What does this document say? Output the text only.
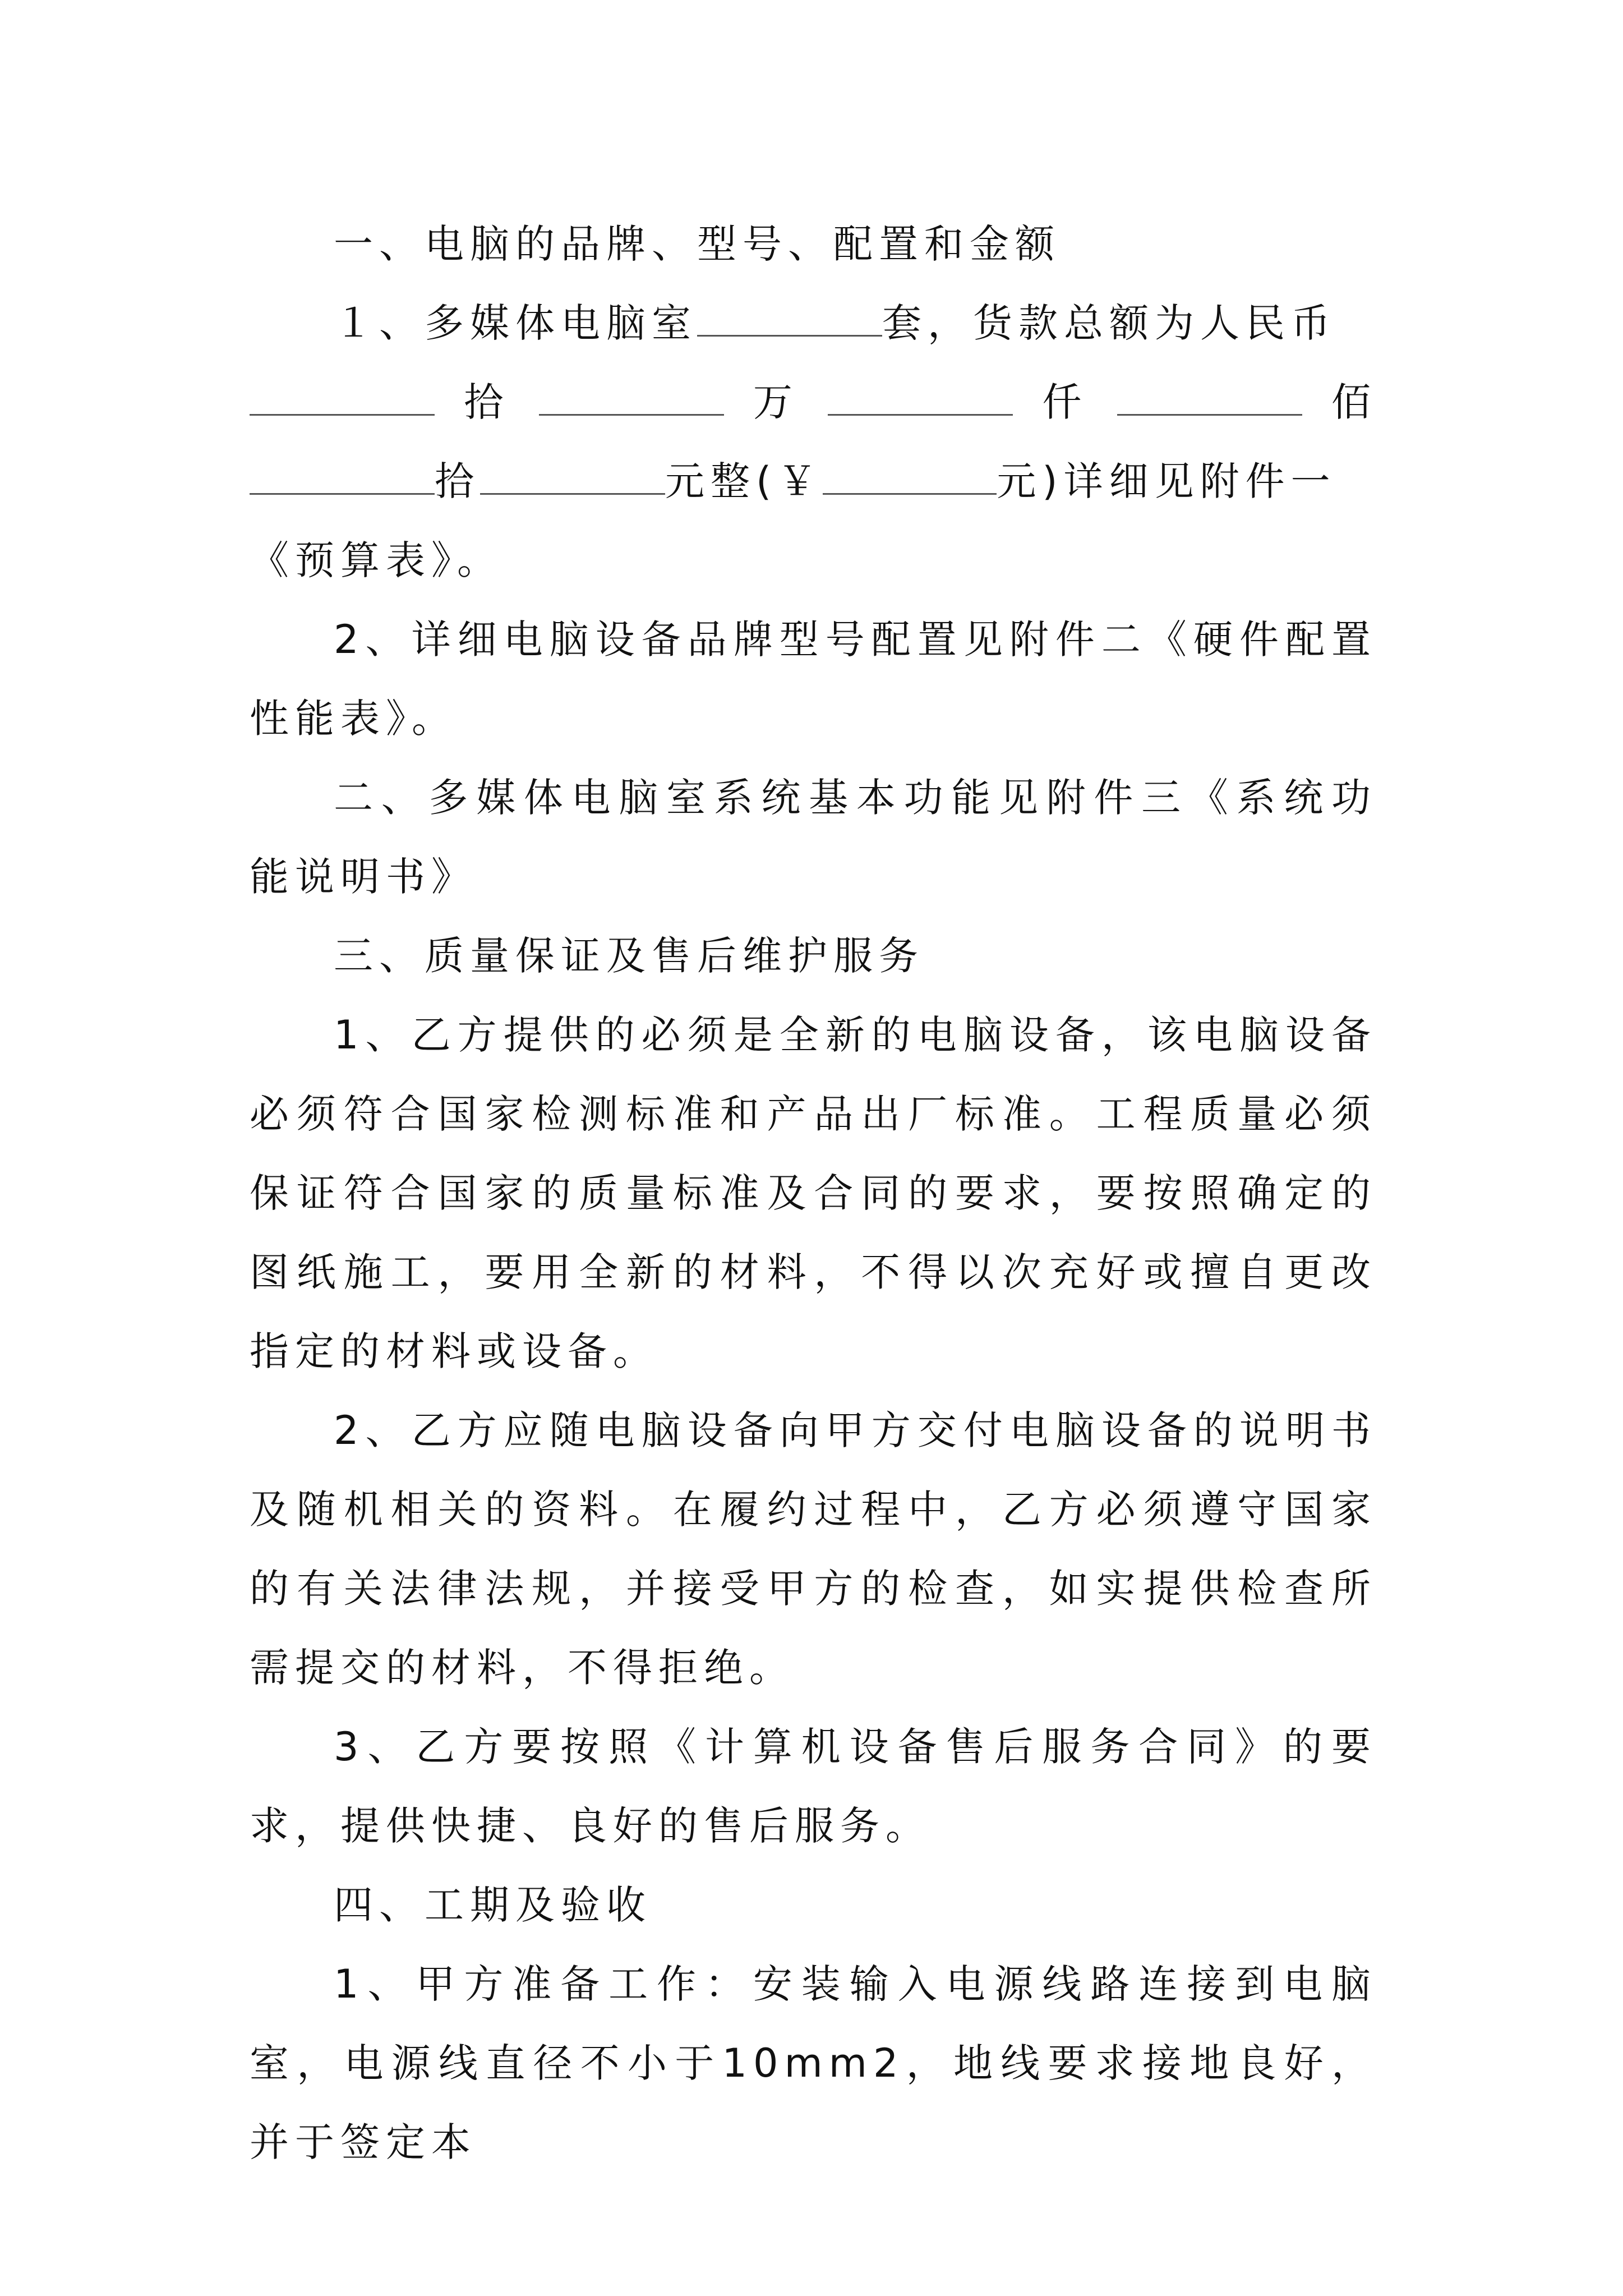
一、电脑的品牌、型号、配置和金额

１、多媒体电脑室	套，货款总额为人民币
拾	万	仟	佰
拾	元整(￥	元)详细见附件一
《预算表》。

2、详细电脑设备品牌型号配置见附件二《硬件配置性能表》。

二、多媒体电脑室系统基本功能见附件三《系统功能说明书》

三、质量保证及售后维护服务

1、乙方提供的必须是全新的电脑设备，该电脑设备必须符合国家检测标准和产品出厂标准。工程质量必须保证符合国家的质量标准及合同的要求，要按照确定的图纸施工，要用全新的材料，不得以次充好或擅自更改指定的材料或设备。

2、乙方应随电脑设备向甲方交付电脑设备的说明书及随机相关的资料。在履约过程中，乙方必须遵守国家的有关法律法规，并接受甲方的检查，如实提供检查所需提交的材料，不得拒绝。

3、乙方要按照《计算机设备售后服务合同》的要求，提供快捷、良好的售后服务。

四、工期及验收

1、甲方准备工作：安装输入电源线路连接到电脑室，电源线直径不小于10mm2，地线要求接地良好，并于签定本
